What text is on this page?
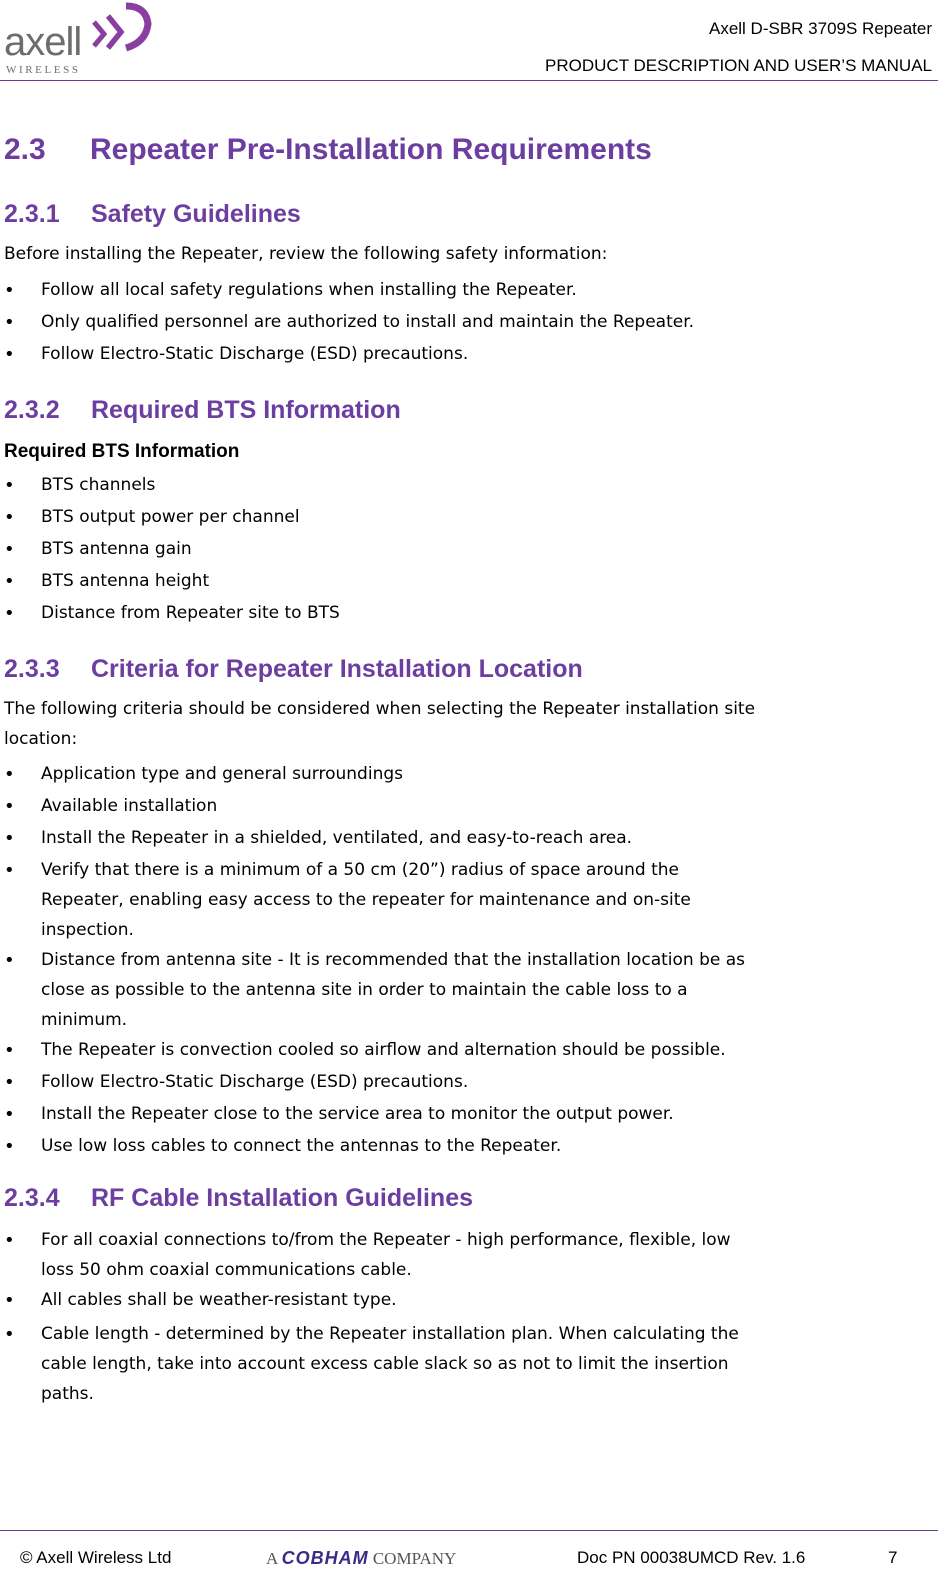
axell
WIRELESS
Axell D-SBR 3709S Repeater
PRODUCT DESCRIPTION AND USER’S MANUAL
2.3 Repeater Pre-Installation Requirements
2.3.1 Safety Guidelines
Before installing the Repeater, review the following safety information:
•	Follow all local safety regulations when installing the Repeater.
•	Only qualified personnel are authorized to install and maintain the Repeater.
•	Follow Electro-Static Discharge (ESD) precautions.
2.3.2 Required BTS Information
Required BTS Information
•	BTS channels
•	BTS output power per channel
•	BTS antenna gain
•	BTS antenna height
•	Distance from Repeater site to BTS
2.3.3 Criteria for Repeater Installation Location
The following criteria should be considered when selecting the Repeater installation site
location:
•	Application type and general surroundings
•	Available installation
•	Install the Repeater in a shielded, ventilated, and easy-to-reach area.
•	Verify that there is a minimum of a 50 cm (20”) radius of space around the
Repeater, enabling easy access to the repeater for maintenance and on-site
inspection.
•	Distance from antenna site - It is recommended that the installation location be as
close as possible to the antenna site in order to maintain the cable loss to a
minimum.
•	The Repeater is convection cooled so airflow and alternation should be possible.
•	Follow Electro-Static Discharge (ESD) precautions.
•	Install the Repeater close to the service area to monitor the output power.
•	Use low loss cables to connect the antennas to the Repeater.
2.3.4 RF Cable Installation Guidelines
•	For all coaxial connections to/from the Repeater - high performance, flexible, low
loss 50 ohm coaxial communications cable.
•	All cables shall be weather-resistant type.
•	Cable length - determined by the Repeater installation plan. When calculating the
cable length, take into account excess cable slack so as not to limit the insertion
paths.
© Axell Wireless Ltd	A COBHAM COMPANY	Doc PN 00038UMCD Rev. 1.6	7
